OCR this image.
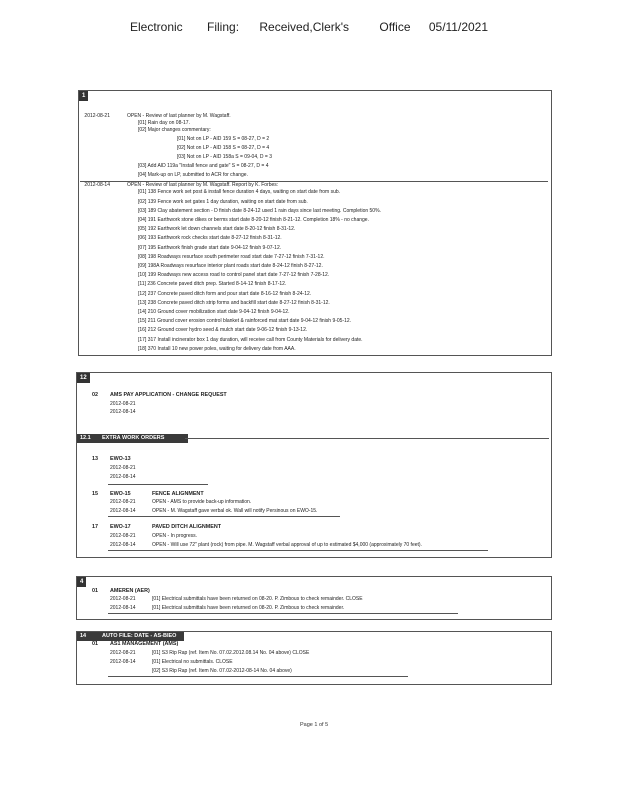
Electronic Filing: Received,Clerk's	Office 05/11/2021
1
2012-08-21	OPEN - Review of last planner by M. Wagstaff.
[01] Rain day on 08-17.
[02] Major changes commentary:
[01] Not on LP - AID 159 S = 08-27, D = 2
[02] Not on LP - AID 158 S = 08-27, D = 4
[03] Not on LP - AID 158a S = 09-04, D = 3
[03] Add AID 119a "Install fence and gate" S = 08-27, D = 4
[04] Mark-up on LP, submitted to ACR for change.
2012-08-14	OPEN - Review of last planner by M. Wagstaff. Report by K. Forbes:
[01] 138 Fence work set post & install fence duration 4 days, waiting on start date from sub.
[02] 139 Fence work set gates 1 day duration, waiting on start date from sub.
[03] 189 Clay abatement section - D finish date 8-24-12 used 1 rain days since last meeting. Completion 50%.
[04] 191 Earthwork stone dikes or berms start date 8-20-12 finish 8-21-12. Completion 18% - no change.
[05] 192 Earthwork let down channels start date 8-20-12 finish 8-31-12.
[06] 193 Earthwork rock checks start date 8-27-12 finish 8-31-12.
[07] 195 Earthwork finish grade start date 9-04-12 finish 9-07-12.
[08] 198 Roadways resurface south perimeter road start date 7-27-12 finish 7-31-12.
[09] 198A Roadways resurface interior plant roads start date 8-24-12 finish 8-27-12.
[10] 199 Roadways new access road to control panel start date 7-27-12 finish 7-28-12.
[11] 236 Concrete paved ditch prep. Started 8-14-12 finish 8-17-12.
[12] 237 Concrete paved ditch form and pour start date 8-16-12 finish 8-24-12.
[13] 238 Concrete paved ditch strip forms and backfill start date 8-27-12 finish 8-31-12.
[14] 210 Ground cover mobilization start date 9-04-12 finish 9-04-12.
[15] 211 Ground cover erosion control blanket & rainforced mat start date 9-04-12 finish 9-05-12.
[16] 212 Ground cover hydro seed & mulch start date 9-06-12 finish 9-13-12.
[17] 317 Install incinerator box 1 day duration, will receive call from County Materials for delivery date.
[18] 370 Install 10 new power poles, waiting for delivery date from AAA.
12
02 AMS PAY APPLICATION - CHANGE REQUEST
2012-08-21
2012-08-14
12.1 EXTRA WORK ORDERS
13 EWO-13
2012-08-21
2012-08-14
15 EWO-15	FENCE ALIGNMENT
2012-08-21	OPEN - AMS to provide back-up information.
2012-08-14	OPEN - M. Wagstaff gave verbal ok. Wall will notify Persinous on EWO-15.
17 EWO-17	PAVED DITCH ALIGNMENT
2012-08-21	OPEN - In progress.
2012-08-14	OPEN - Will use 72" plant (rock) from pipe. M. Wagstaff verbal approval of up to estimated $4,000 (approximately 70 feet).
4
01 AMEREN (AER)
2012-08-21	[01] Electrical submittals have been returned on 08-20. P. Zimbous to check remainder. CLOSE
2012-08-14	[01] Electrical submittals have been returned on 08-20. P. Zimbous to check remainder.
14	AUTO FILE: DATE - AS-BIEO
01 AS1 MANAGEMENT (AMS)
2012-08-21	[01] S3 Rip Rap (ref. Item No. 07.02.2012.08.14 No. 04 above) CLOSE
2012-08-14	[01] Electrical no submittals. CLOSE
[02] S3 Rip Rap (ref. Item No. 07.02-2012-08-14 No. 04 above)
Page 1 of 5
